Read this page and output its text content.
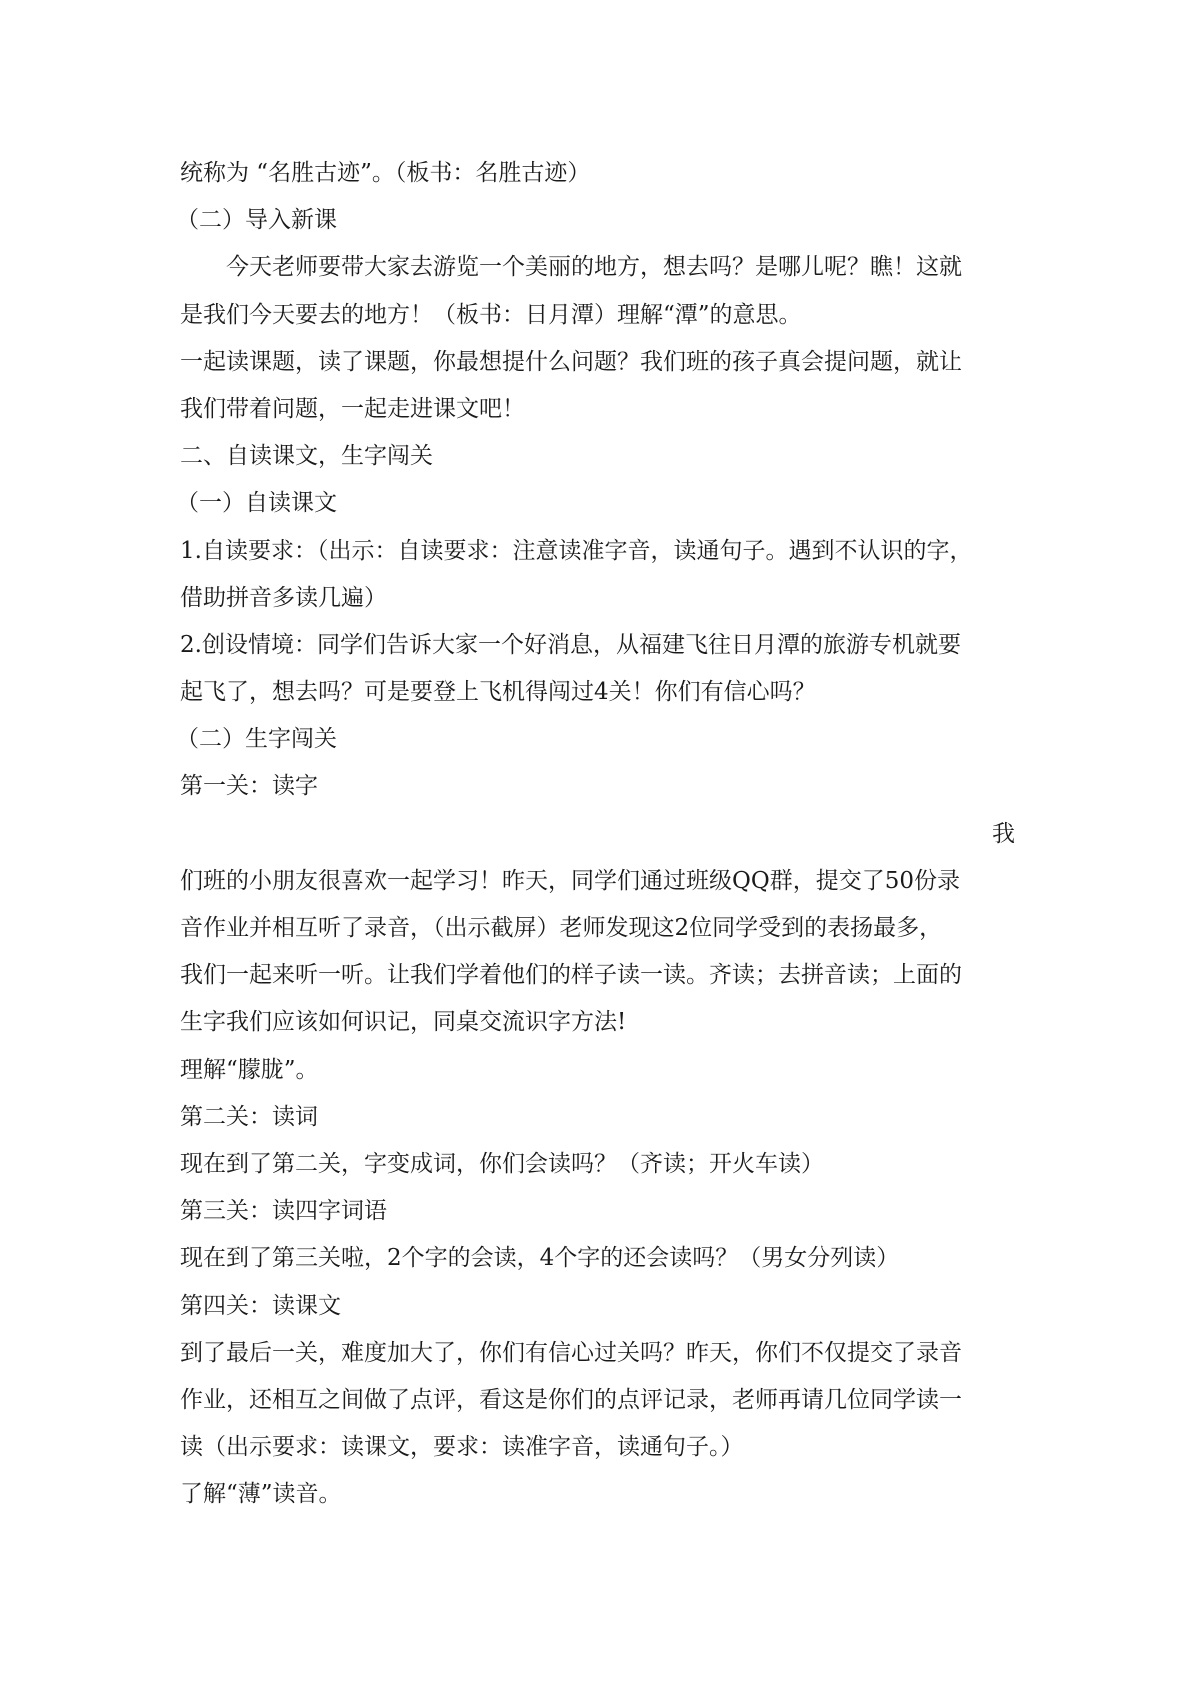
统称为 “名胜古迹”。（板书：名胜古迹）
（二）导入新课
今天老师要带大家去游览一个美丽的地方，想去吗？是哪儿呢？瞧！这就
是我们今天要去的地方！（板书：日月潭）理解“潭”的意思。
一起读课题，读了课题，你最想提什么问题？我们班的孩子真会提问题，就让
我们带着问题，一起走进课文吧！
二、自读课文，生字闯关
（一）自读课文
1.自读要求：（出示：自读要求：注意读准字音，读通句子。遇到不认识的字，
借助拼音多读几遍）
2.创设情境：同学们告诉大家一个好消息，从福建飞往日月潭的旅游专机就要
起飞了，想去吗？可是要登上飞机得闯过4关！你们有信心吗？
（二）生字闯关
第一关：读字
我
们班的小朋友很喜欢一起学习！昨天，同学们通过班级QQ群，提交了50份录
音作业并相互听了录音，（出示截屏）老师发现这2位同学受到的表扬最多，
我们一起来听一听。让我们学着他们的样子读一读。齐读；去拼音读；上面的
生字我们应该如何识记，同桌交流识字方法!
理解“朦胧”。
第二关：读词
现在到了第二关，字变成词，你们会读吗？（齐读；开火车读）
第三关：读四字词语
现在到了第三关啦，2个字的会读，4个字的还会读吗？（男女分列读）
第四关：读课文
到了最后一关，难度加大了，你们有信心过关吗？昨天，你们不仅提交了录音
作业，还相互之间做了点评，看这是你们的点评记录，老师再请几位同学读一
读（出示要求：读课文，要求：读准字音，读通句子。）
了解“薄”读音。
